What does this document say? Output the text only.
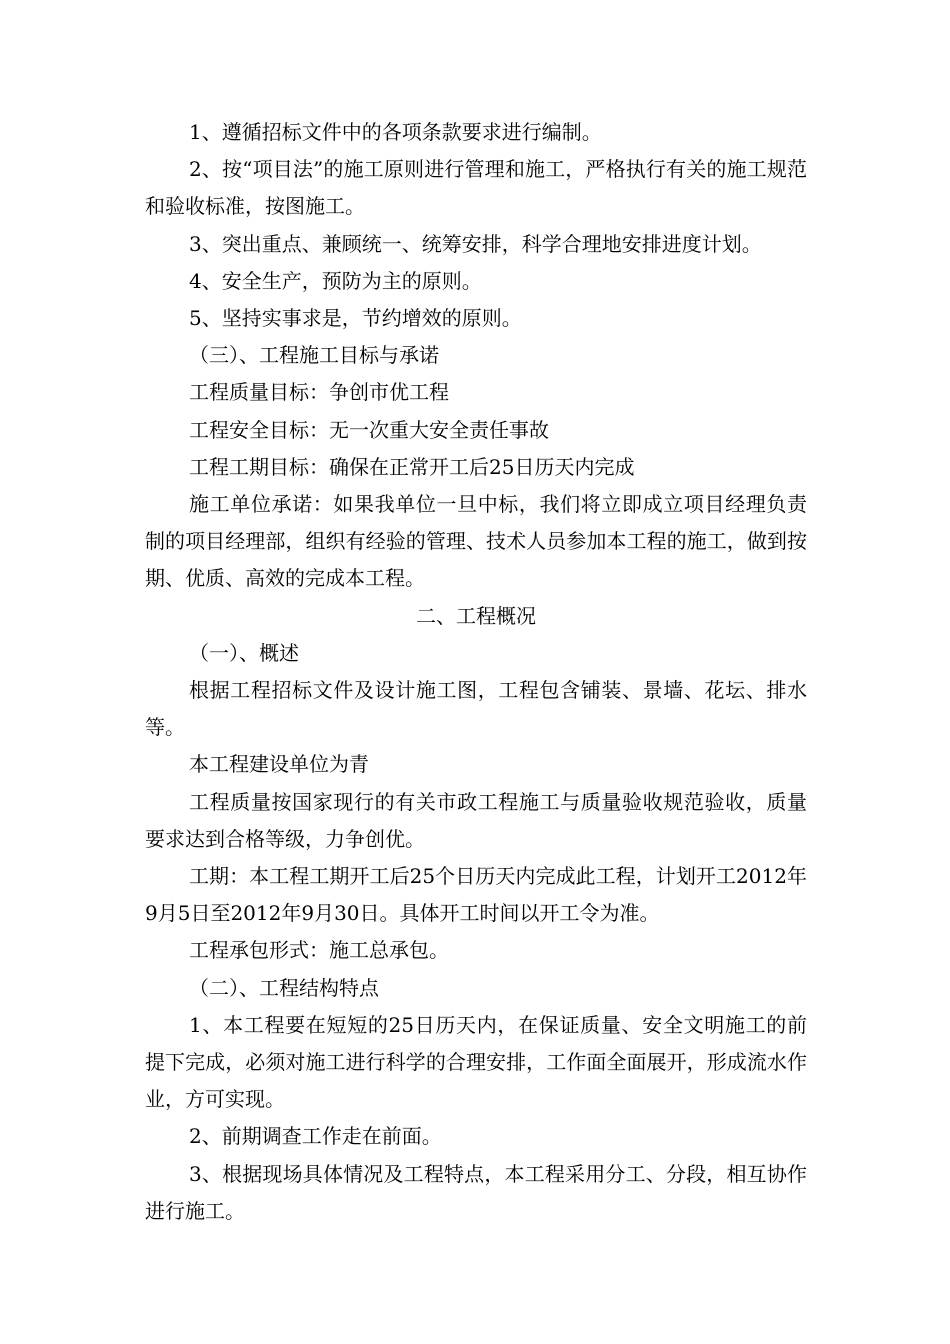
1、遵循招标文件中的各项条款要求进行编制。

2、按“项目法”的施工原则进行管理和施工，严格执行有关的施工规范和验收标准，按图施工。

3、突出重点、兼顾统一、统筹安排，科学合理地安排进度计划。

4、安全生产，预防为主的原则。

5、坚持实事求是，节约增效的原则。

（三）、工程施工目标与承诺

工程质量目标：争创市优工程

工程安全目标：无一次重大安全责任事故

工程工期目标：确保在正常开工后25日历天内完成

施工单位承诺：如果我单位一旦中标，我们将立即成立项目经理负责制的项目经理部，组织有经验的管理、技术人员参加本工程的施工，做到按期、优质、高效的完成本工程。

二、工程概况

（一）、概述

根据工程招标文件及设计施工图，工程包含铺装、景墙、花坛、排水等。

本工程建设单位为青

工程质量按国家现行的有关市政工程施工与质量验收规范验收，质量要求达到合格等级，力争创优。

工期：本工程工期开工后25个日历天内完成此工程，计划开工2012年9月5日至2012年9月30日。具体开工时间以开工令为准。

工程承包形式：施工总承包。

（二）、工程结构特点

1、本工程要在短短的25日历天内，在保证质量、安全文明施工的前提下完成，必须对施工进行科学的合理安排，工作面全面展开，形成流水作业，方可实现。

2、前期调查工作走在前面。

3、根据现场具体情况及工程特点，本工程采用分工、分段，相互协作进行施工。
